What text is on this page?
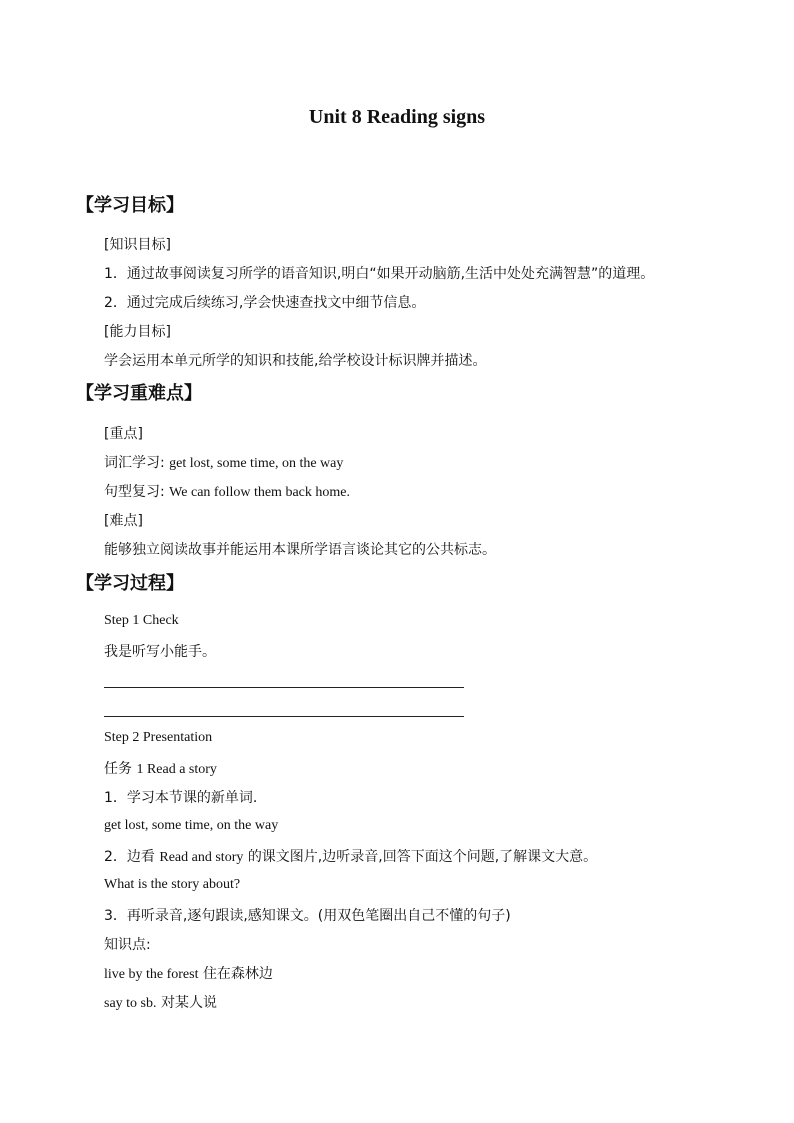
Unit 8 Reading signs
【学习目标】
[知识目标]
1．通过故事阅读复习所学的语音知识,明白“如果开动脑筋,生活中处处充满智慧”的道理。
2．通过完成后续练习,学会快速查找文中细节信息。
[能力目标]
学会运用本单元所学的知识和技能,给学校设计标识牌并描述。
【学习重难点】
[重点]
词汇学习: get lost, some time, on the way
句型复习: We can follow them back home.
[难点]
能够独立阅读故事并能运用本课所学语言谈论其它的公共标志。
【学习过程】
Step 1 Check
我是听写小能手。
Step 2 Presentation
任务 1 Read a story
1．学习本节课的新单词.
get lost, some time, on the way
2．边看 Read and story 的课文图片,边听录音,回答下面这个问题,了解课文大意。
What is the story about?
3．再听录音,逐句跟读,感知课文。(用双色笔圈出自己不懂的句子)
知识点:
live by the forest 住在森林边
say to sb. 对某人说
